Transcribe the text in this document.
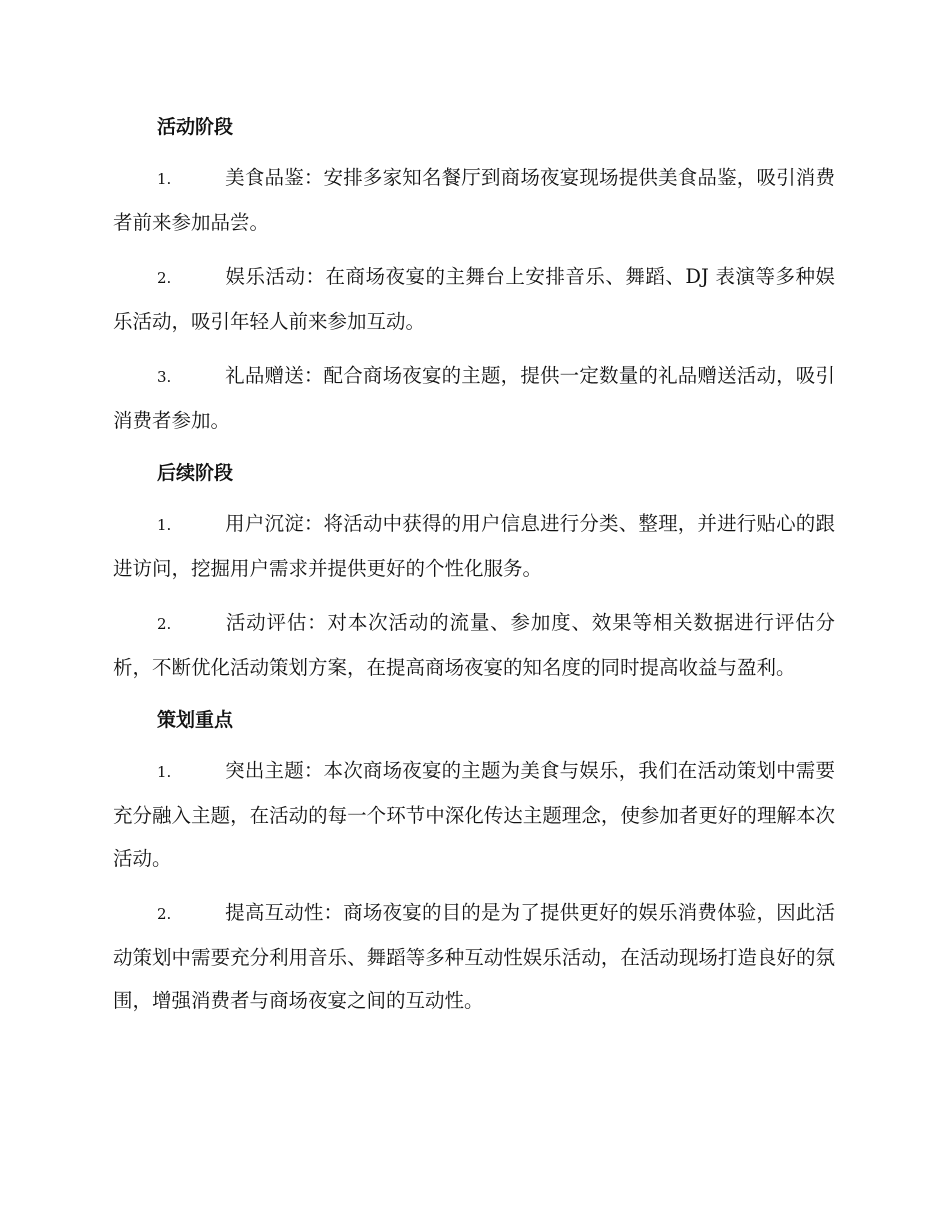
活动阶段

1.	美食品鉴：安排多家知名餐厅到商场夜宴现场提供美食品鉴，吸引消费者前来参加品尝。

2.	娱乐活动：在商场夜宴的主舞台上安排音乐、舞蹈、DJ 表演等多种娱乐活动，吸引年轻人前来参加互动。

3.	礼品赠送：配合商场夜宴的主题，提供一定数量的礼品赠送活动，吸引消费者参加。

后续阶段

1.	用户沉淀：将活动中获得的用户信息进行分类、整理，并进行贴心的跟进访问，挖掘用户需求并提供更好的个性化服务。

2.	活动评估：对本次活动的流量、参加度、效果等相关数据进行评估分析，不断优化活动策划方案，在提高商场夜宴的知名度的同时提高收益与盈利。

策划重点

1.	突出主题：本次商场夜宴的主题为美食与娱乐，我们在活动策划中需要充分融入主题，在活动的每一个环节中深化传达主题理念，使参加者更好的理解本次活动。

2.	提高互动性：商场夜宴的目的是为了提供更好的娱乐消费体验，因此活动策划中需要充分利用音乐、舞蹈等多种互动性娱乐活动，在活动现场打造良好的氛围，增强消费者与商场夜宴之间的互动性。
